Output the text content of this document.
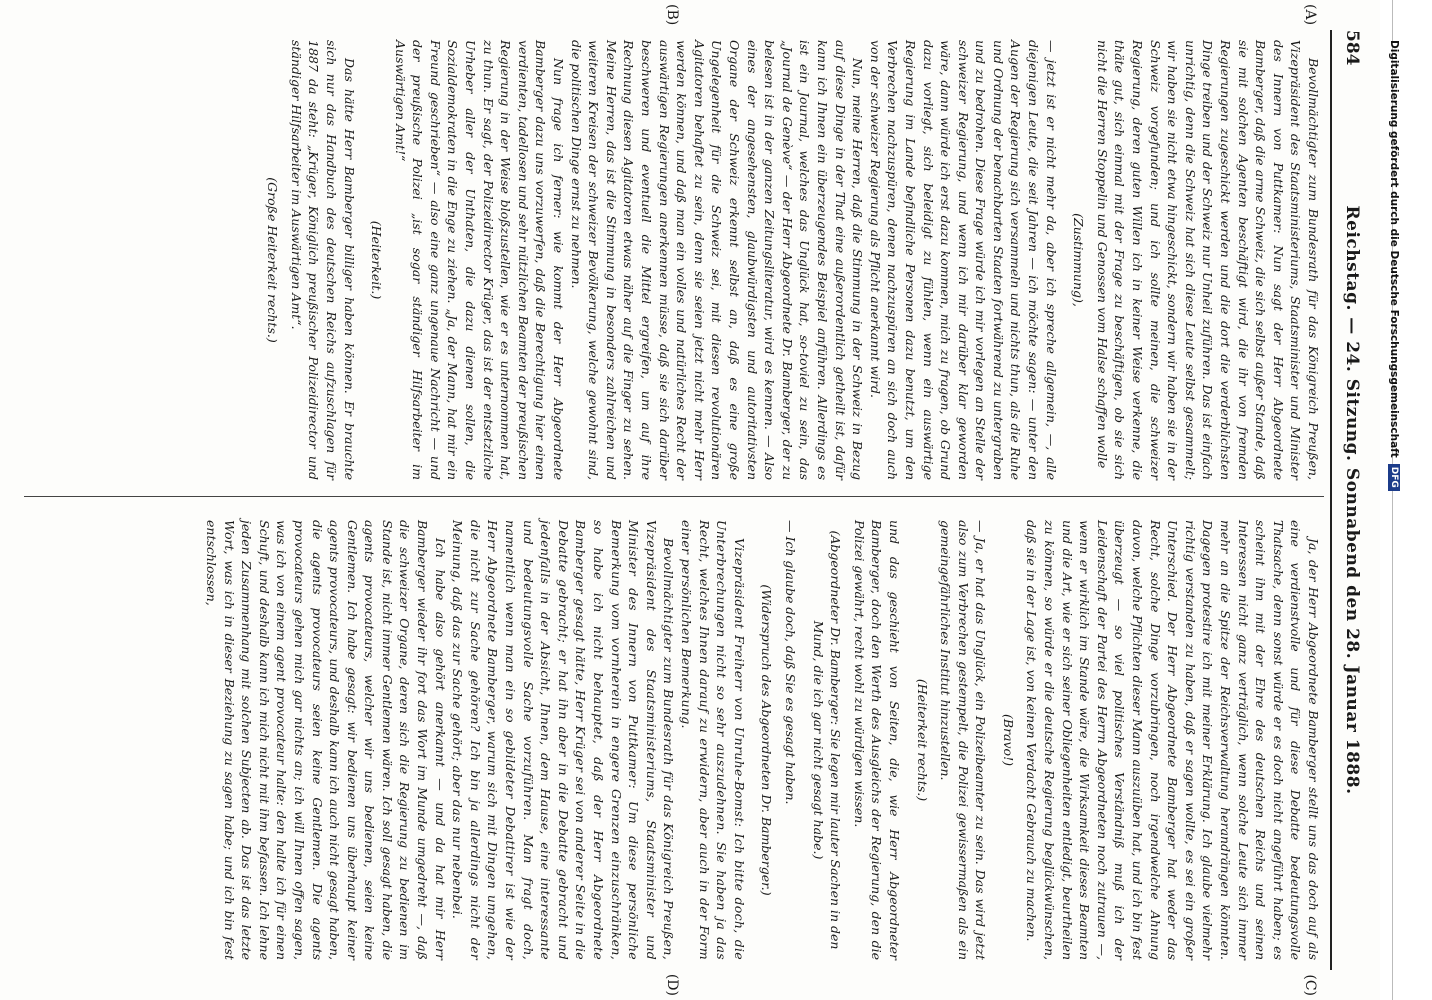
584
Reichstag. — 24. Sitzung. Sonnabend den 28. Januar 1888.
(A)
(B)
(C)
(D)

Bevollmächtigter zum Bundesrath für das Königreich Preußen, Vizepräsident des Staatsministeriums, Staatsminister und Minister des Innern von Puttkamer: Nun sagt der Herr Abgeordnete Bamberger, daß die arme Schweiz, die sich selbst außer Stande, daß sie mit solchen Agenten beschäftigt wird, die ihr von fremden Regierungen zugeschickt werden und die dort die verderblichsten Dinge treiben und der Schweiz nur Unheil zuführen. Das ist einfach unrichtig, denn die Schweiz hat sich diese Leute selbst gesammelt; wir haben sie nicht etwa hingeschickt, sondern wir haben sie in der Schweiz vorgefunden; und ich sollte meinen, die schweizer Regierung, deren guten Willen ich in keiner Weise verkenne, die thäte gut, sich einmal mit der Frage zu beschäftigen, ob sie sich nicht die Herren Stoppelin und Genossen vom Halse schaffen wolle

(Zustimmung),

— jetzt ist er nicht mehr da, aber ich spreche allgemein, —, alle diejenigen Leute, die seit Jahren — ich möchte sagen: — unter den Augen der Regierung sich versammeln und nichts thun, als die Ruhe und Ordnung der benachbarten Staaten fortwährend zu untergraben und zu bedrohen. Diese Frage würde ich mir vorlegen an Stelle der schweizer Regierung, und wenn ich mir darüber klar geworden wäre, dann würde ich erst dazu kommen, mich zu fragen, ob Grund dazu vorliegt, sich beleidigt zu fühlen, wenn ein auswärtige Regierung im Lande befindliche Personen dazu benutzt, um den Verbrechen nachzuspüren, denen nachzuspüren an sich doch auch von der schweizer Regierung als Pflicht anerkannt wird.

Nun, meine Herren, daß die Stimmung in der Schweiz in Bezug auf diese Dinge in der That eine außerordentlich getheilt ist, dafür kann ich Ihnen ein überzeugendes Beispiel anführen. Allerdings es ist ein Journal, welches das Unglück hat, so-toviel zu sein, das „Journal de Genève“ — der Herr Abgeordnete Dr. Bamberger, der zu belesen ist in der ganzen Zeitungsliteratur, wird es kennen. — Also eines der angesehensten, glaubwürdigsten und autoritativsten Organe der Schweiz erkennt selbst an, daß es eine große Ungelegenheit für die Schweiz sei, mit diesen revolutionären Agitatoren behaftet zu sein, denn sie seien jetzt nicht mehr Herr werden können, und daß man ein volles und natürliches Recht der auswärtigen Regierungen anerkennen müsse, daß sie sich darüber beschweren und eventuell die Mittel ergreifen, um auf ihre Rechnung diesen Agitatoren etwas näher auf die Finger zu sehen. Meine Herren, das ist die Stimmung in besonders zahlreichen und weiteren Kreisen der schweizer Bevölkerung, welche gewohnt sind, die politischen Dinge ernst zu nehmen.

Nun frage ich ferner: wie kommt der Herr Abgeordnete Bamberger dazu uns vorzuwerfen, daß die Berechtigung hier einen verdienten, tadellosen und sehr nützlichen Beamten der preußischen Regierung in der Weise bloßzustellen, wie er es unternommen hat, zu thun. Er sagt, der Polizeidirector Krüger, das ist der entsetzliche Urheber aller der Unthaten, die dazu dienen sollen, die Sozialdemokraten in die Enge zu ziehen. „Ja, der Mann, hat mir ein Freund geschrieben“ — also eine ganz ungenaue Nachricht — und der preußische Polizei „ist sogar ständiger Hilfsarbeiter im Auswärtigen Amt!“

(Heiterkeit.)

Das hätte Herr Bamberger billiger haben können. Er brauchte sich nur das Handbuch des deutschen Reichs aufzuschlagen für 1887 da steht: „Krüger, Königlich preußischer Polizeidirector und ständiger Hilfsarbeiter im Auswärtigen Amt“.

(Große Heiterkeit rechts.)

Ja, der Herr Abgeordnete Bamberger stellt uns das doch auf als eine verdienstvolle und für diese Debatte bedeutungsvolle Thatsache, denn sonst würde er es doch nicht angeführt haben; es scheint ihm mit der Ehre des deutschen Reichs und seinen Interessen nicht ganz verträglich, wenn solche Leute sich immer mehr an die Spitze der Reichsverwaltung herandrängen könnten. Dagegen protestire ich mit meiner Erklärung. Ich glaube vielmehr richtig verstanden zu haben, daß er sagen wollte, es sei ein großer Unterschied. Der Herr Abgeordnete Bamberger hat weder das Recht, solche Dinge vorzubringen, noch irgendwelche Ahnung davon, welche Pflichten dieser Mann auszuüben hat, und ich bin fest überzeugt — so viel politisches Verständniß muß ich der Leidenschaft der Partei des Herrn Abgeordneten noch zutrauen —, wenn er wirklich im Stande wäre, die Wirksamkeit dieses Beamten und die Art, wie er sich seiner Obliegenheiten entledigt, beurtheilen zu können, so würde er die deutsche Regierung beglückwünschen, daß sie in der Lage ist, von keinen Verdacht Gebrauch zu machen.

(Bravo!)

— Ja, er hat das Unglück, ein Polizeibeamter zu sein. Das wird jetzt also zum Verbrechen gestempelt, die Polizei gewissermaßen als ein gemeingefährliches Institut hinzustellen.

(Heiterkeit rechts.)

und das geschieht von Seiten, die, wie Herr Abgeordneter Bamberger, doch den Werth des Ausgleichs der Regierung, den die Polizei gewährt, recht wohl zu würdigen wissen.

(Abgeordneter Dr. Bamberger: Sie legen mir lauter Sachen in den Mund, die ich gar nicht gesagt habe.)

— Ich glaube doch, daß Sie es gesagt haben.

(Widerspruch des Abgeordneten Dr. Bamberger.)

Vizepräsident Freiherr von Unruhe-Bomst: Ich bitte doch, die Unterbrechungen nicht so sehr auszudehnen. Sie haben ja das Recht, welches Ihnen darauf zu erwidern, aber auch in der Form einer persönlichen Bemerkung.

Bevollmächtigter zum Bundesrath für das Königreich Preußen, Vizepräsident des Staatsministeriums, Staatsminister und Minister des Innern von Puttkamer: Um diese persönliche Bemerkung vom vornherein in engere Grenzen einzuschränken, so habe ich nicht behauptet, daß der Herr Abgeordnete Bamberger gesagt hätte, Herr Krüger sei von anderer Seite in die Debatte gebracht; er hat ihn aber in die Debatte gebracht und jedenfalls in der Absicht, Ihnen, dem Hause, eine interessante und bedeutungsvolle Sache vorzuführen. Man fragt doch, namentlich wenn man ein so gebildeter Debattirer ist wie der Herr Abgeordnete Bamberger, warum sich mit Dingen umgehen, die nicht zur Sache gehören? Ich bin ja allerdings nicht der Meinung, daß das zur Sache gehört; aber das nur nebenbei.

Ich habe also gehört anerkannt — und da hat mir Herr Bamberger wieder ihr fort das Wort im Munde umgedreht —, daß die schweizer Organe, deren sich die Regierung zu bedienen im Stande ist, nicht immer Gentlemen wären. Ich soll gesagt haben, die agents provocateurs, welcher wir uns bedienen, seien keine Gentlemen. Ich habe gesagt: wir bedienen uns überhaupt keiner agents provocateurs, und deshalb kann ich auch nicht gesagt haben, die agents provocateurs seien keine Gentlemen. Die agents provocateurs gehen mich gar nichts an; ich will Ihnen offen sagen, was ich von einem agent provocateur halte: den halte ich für einen Schuft, und deshalb kann ich mich nicht mit ihm befassen. Ich lehne jeden Zusammenhang mit solchen Subjecten ab. Das ist das letzte Wort, was ich in dieser Beziehung zu sagen habe; und ich bin fest entschlossen,

Digitalisierung gefördert durch die Deutsche ForschungsgemeinschaftDFG
